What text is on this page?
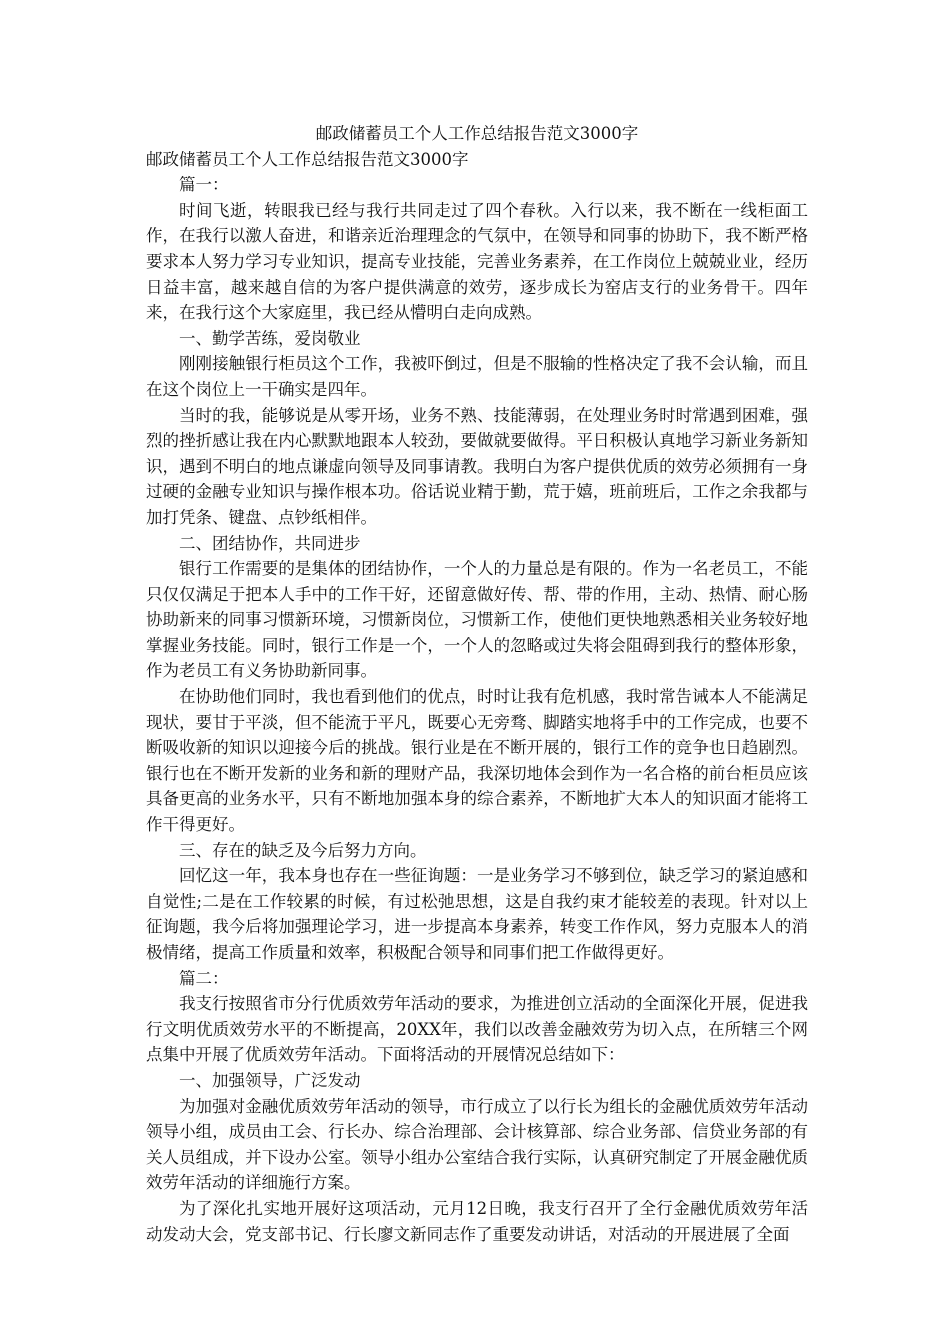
邮政储蓄员工个人工作总结报告范文3000字

邮政储蓄员工个人工作总结报告范文3000字

篇一：

时间飞逝，转眼我已经与我行共同走过了四个春秋。入行以来，我不断在一线柜面工作，在我行以激人奋进，和谐亲近治理理念的气氛中，在领导和同事的协助下，我不断严格要求本人努力学习专业知识，提高专业技能，完善业务素养，在工作岗位上兢兢业业，经历日益丰富，越来越自信的为客户提供满意的效劳，逐步成长为窑店支行的业务骨干。四年来，在我行这个大家庭里，我已经从懵明白走向成熟。

一、勤学苦练，爱岗敬业

刚刚接触银行柜员这个工作，我被吓倒过，但是不服输的性格决定了我不会认输，而且在这个岗位上一干确实是四年。

当时的我，能够说是从零开场，业务不熟、技能薄弱，在处理业务时时常遇到困难，强烈的挫折感让我在内心默默地跟本人较劲，要做就要做得。平日积极认真地学习新业务新知识，遇到不明白的地点谦虚向领导及同事请教。我明白为客户提供优质的效劳必须拥有一身过硬的金融专业知识与操作根本功。俗话说业精于勤，荒于嬉，班前班后，工作之余我都与加打凭条、键盘、点钞纸相伴。

二、团结协作，共同进步

银行工作需要的是集体的团结协作，一个人的力量总是有限的。作为一名老员工，不能只仅仅满足于把本人手中的工作干好，还留意做好传、帮、带的作用，主动、热情、耐心肠协助新来的同事习惯新环境，习惯新岗位，习惯新工作，使他们更快地熟悉相关业务较好地掌握业务技能。同时，银行工作是一个，一个人的忽略或过失将会阻碍到我行的整体形象，作为老员工有义务协助新同事。

在协助他们同时，我也看到他们的优点，时时让我有危机感，我时常告诫本人不能满足现状，要甘于平淡，但不能流于平凡，既要心无旁骛、脚踏实地将手中的工作完成，也要不断吸收新的知识以迎接今后的挑战。银行业是在不断开展的，银行工作的竞争也日趋剧烈。银行也在不断开发新的业务和新的理财产品，我深切地体会到作为一名合格的前台柜员应该具备更高的业务水平，只有不断地加强本身的综合素养，不断地扩大本人的知识面才能将工作干得更好。

三、存在的缺乏及今后努力方向。

回忆这一年，我本身也存在一些征询题：一是业务学习不够到位，缺乏学习的紧迫感和自觉性;二是在工作较累的时候，有过松弛思想，这是自我约束才能较差的表现。针对以上征询题，我今后将加强理论学习，进一步提高本身素养，转变工作作风，努力克服本人的消极情绪，提高工作质量和效率，积极配合领导和同事们把工作做得更好。

篇二：

我支行按照省市分行优质效劳年活动的要求，为推进创立活动的全面深化开展，促进我行文明优质效劳水平的不断提高，20XX年，我们以改善金融效劳为切入点，在所辖三个网点集中开展了优质效劳年活动。下面将活动的开展情况总结如下：

一、加强领导，广泛发动

为加强对金融优质效劳年活动的领导，市行成立了以行长为组长的金融优质效劳年活动领导小组，成员由工会、行长办、综合治理部、会计核算部、综合业务部、信贷业务部的有关人员组成，并下设办公室。领导小组办公室结合我行实际，认真研究制定了开展金融优质效劳年活动的详细施行方案。

为了深化扎实地开展好这项活动，元月12日晚，我支行召开了全行金融优质效劳年活动发动大会，党支部书记、行长廖文新同志作了重要发动讲话，对活动的开展进展了全面
